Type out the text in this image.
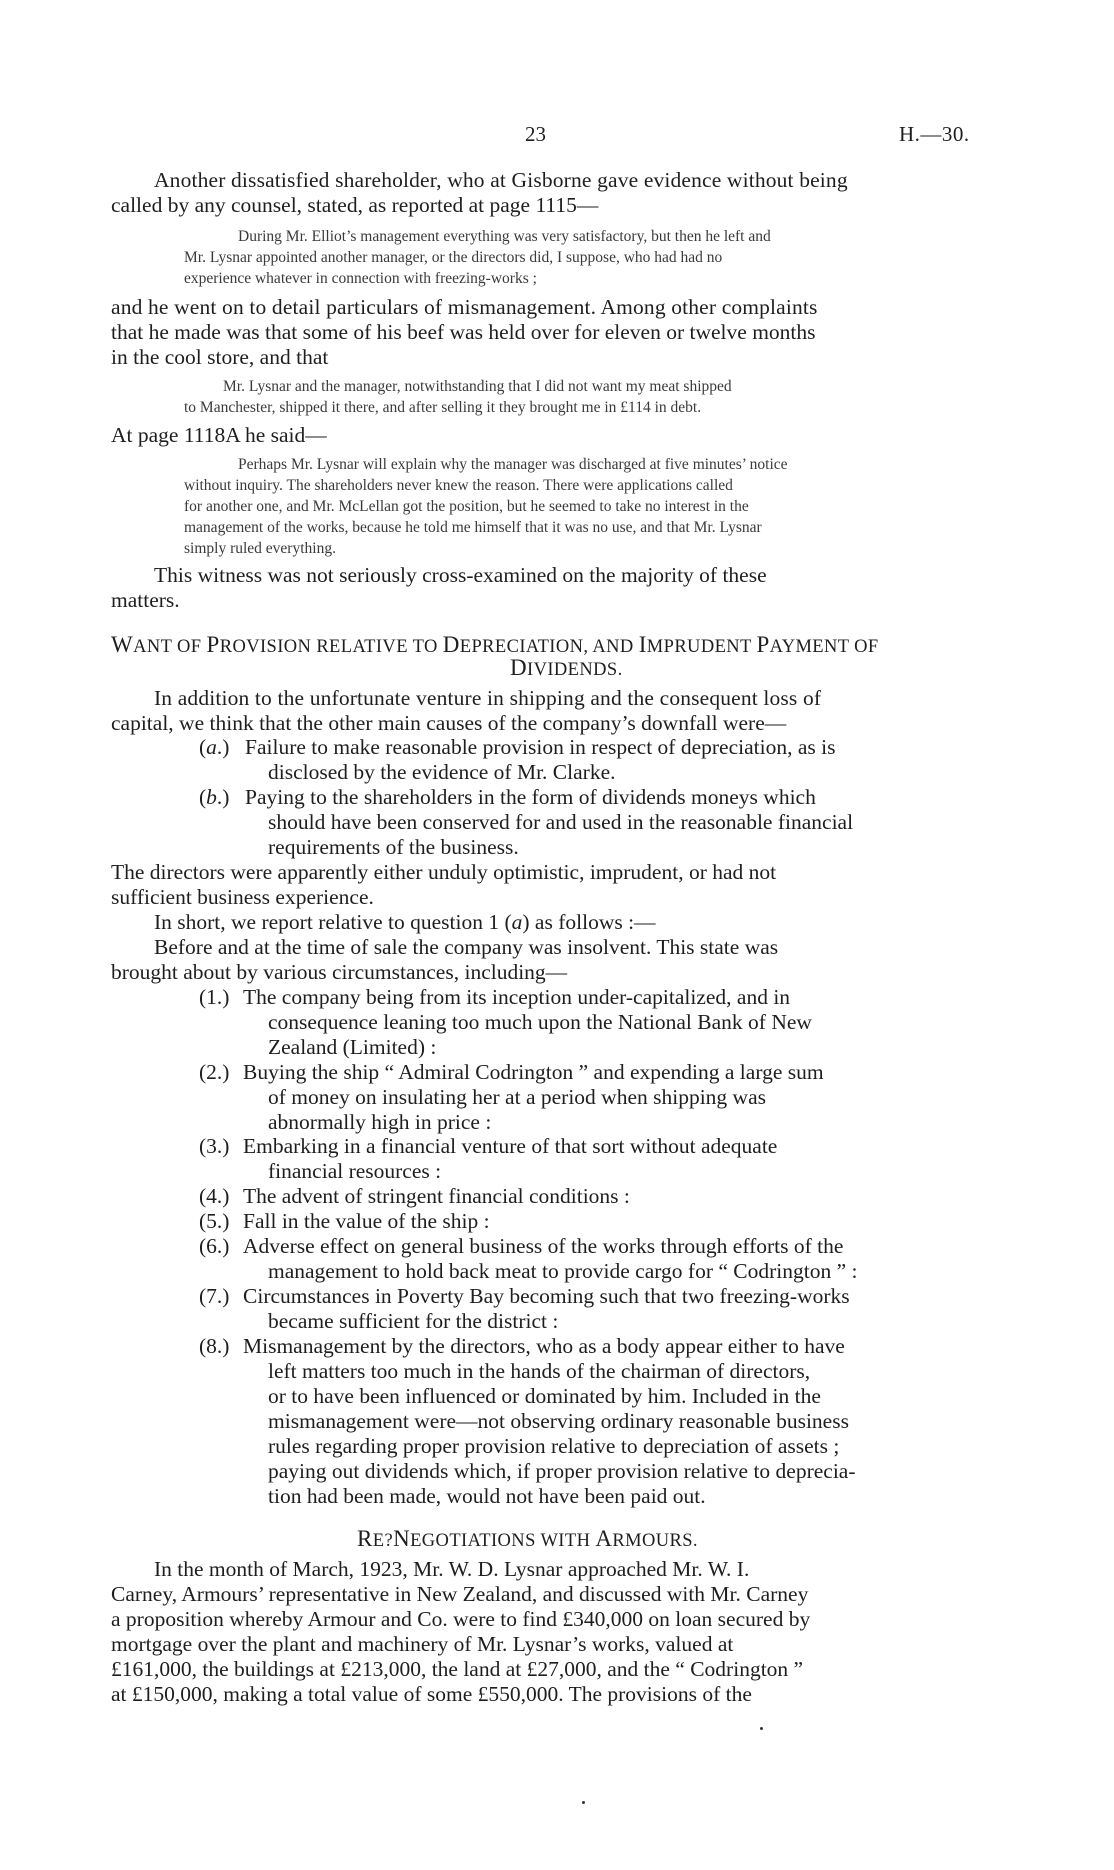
23	H.—30.
Another dissatisfied shareholder, who at Gisborne gave evidence without being
called by any counsel, stated, as reported at page 1115—
During Mr. Elliot’s management everything was very satisfactory, but then he left and
Mr. Lysnar appointed another manager, or the directors did, I suppose, who had had no
experience whatever in connection with freezing-works ;
and he went on to detail particulars of mismanagement. Among other complaints
that he made was that some of his beef was held over for eleven or twelve months
in the cool store, and that
Mr. Lysnar and the manager, notwithstanding that I did not want my meat shipped
to Manchester, shipped it there, and after selling it they brought me in £114 in debt.
At page 1118A he said—
Perhaps Mr. Lysnar will explain why the manager was discharged at five minutes’ notice
without inquiry. The shareholders never knew the reason. There were applications called
for another one, and Mr. McLellan got the position, but he seemed to take no interest in the
management of the works, because he told me himself that it was no use, and that Mr. Lysnar
simply ruled everything.
This witness was not seriously cross-examined on the majority of these
matters.
WANT OF PROVISION RELATIVE TO DEPRECIATION, AND IMPRUDENT PAYMENT OF
DIVIDENDS.
In addition to the unfortunate venture in shipping and the consequent loss of
capital, we think that the other main causes of the company’s downfall were—
(a.) Failure to make reasonable provision in respect of depreciation, as is
disclosed by the evidence of Mr. Clarke.
(b.) Paying to the shareholders in the form of dividends moneys which
should have been conserved for and used in the reasonable financial
requirements of the business.
The directors were apparently either unduly optimistic, imprudent, or had not
sufficient business experience.
In short, we report relative to question 1 (a) as follows :—
Before and at the time of sale the company was insolvent. This state was
brought about by various circumstances, including—
(1.) The company being from its inception under-capitalized, and in
consequence leaning too much upon the National Bank of New
Zealand (Limited) :
(2.) Buying the ship “ Admiral Codrington ” and expending a large sum
of money on insulating her at a period when shipping was
abnormally high in price :
(3.) Embarking in a financial venture of that sort without adequate
financial resources :
(4.) The advent of stringent financial conditions :
(5.) Fall in the value of the ship :
(6.) Adverse effect on general business of the works through efforts of the
management to hold back meat to provide cargo for “ Codrington ” :
(7.) Circumstances in Poverty Bay becoming such that two freezing-works
became sufficient for the district :
(8.) Mismanagement by the directors, who as a body appear either to have
left matters too much in the hands of the chairman of directors,
or to have been influenced or dominated by him. Included in the
mismanagement were—not observing ordinary reasonable business
rules regarding proper provision relative to depreciation of assets ;
paying out dividends which, if proper provision relative to deprecia-
tion had been made, would not have been paid out.
RE?NEGOTIATIONS WITH ARMOURS.
In the month of March, 1923, Mr. W. D. Lysnar approached Mr. W. I.
Carney, Armours’ representative in New Zealand, and discussed with Mr. Carney
a proposition whereby Armour and Co. were to find £340,000 on loan secured by
mortgage over the plant and machinery of Mr. Lysnar’s works, valued at
£161,000, the buildings at £213,000, the land at £27,000, and the “ Codrington ”
at £150,000, making a total value of some £550,000. The provisions of the
